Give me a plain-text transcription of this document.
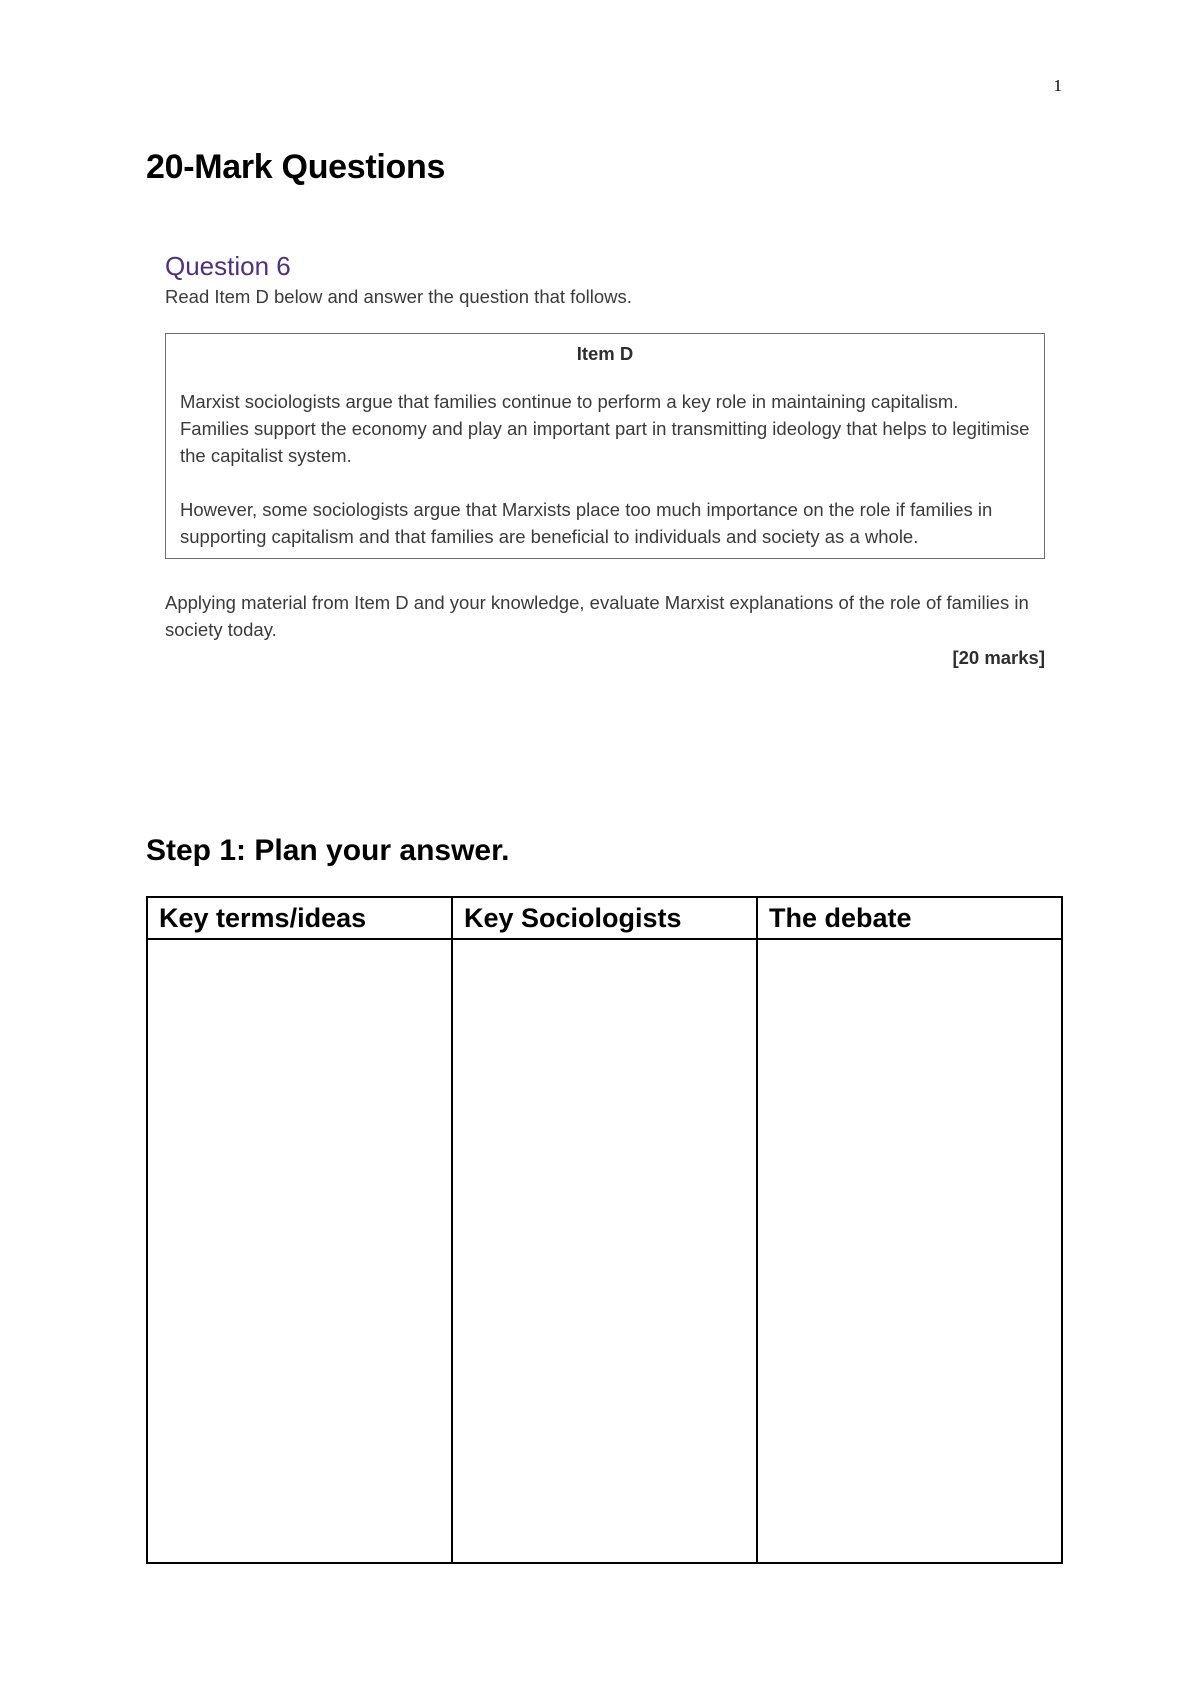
1
20-Mark Questions
Question 6

Read Item D below and answer the question that follows.

Item D

Marxist sociologists argue that families continue to perform a key role in maintaining capitalism. Families support the economy and play an important part in transmitting ideology that helps to legitimise the capitalist system.

However, some sociologists argue that Marxists place too much importance on the role if families in supporting capitalism and that families are beneficial to individuals and society as a whole.

Applying material from Item D and your knowledge, evaluate Marxist explanations of the role of families in society today.

[20 marks]

Step 1: Plan your answer.
Key terms/ideas	Key Sociologists	The debate
